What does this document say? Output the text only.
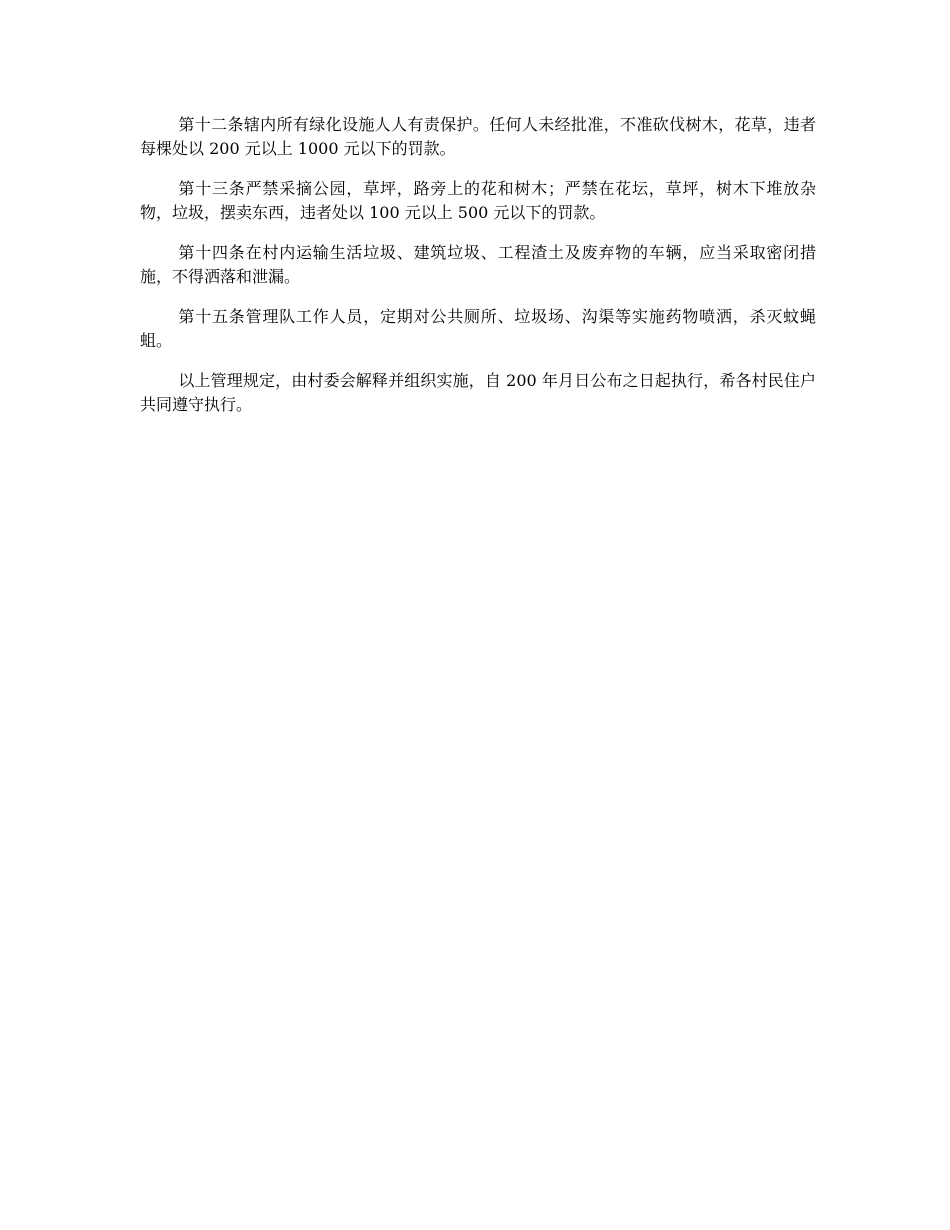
第十二条辖内所有绿化设施人人有责保护。任何人未经批准，不准砍伐树木，花草，违者每棵处以 200 元以上 1000 元以下的罚款。

第十三条严禁采摘公园，草坪，路旁上的花和树木；严禁在花坛，草坪，树木下堆放杂物，垃圾，摆卖东西，违者处以 100 元以上 500 元以下的罚款。

第十四条在村内运输生活垃圾、建筑垃圾、工程渣土及废弃物的车辆，应当采取密闭措施，不得洒落和泄漏。

第十五条管理队工作人员，定期对公共厕所、垃圾场、沟渠等实施药物喷洒，杀灭蚊蝇蛆。

以上管理规定，由村委会解释并组织实施，自 200 年月日公布之日起执行，希各村民住户共同遵守执行。
